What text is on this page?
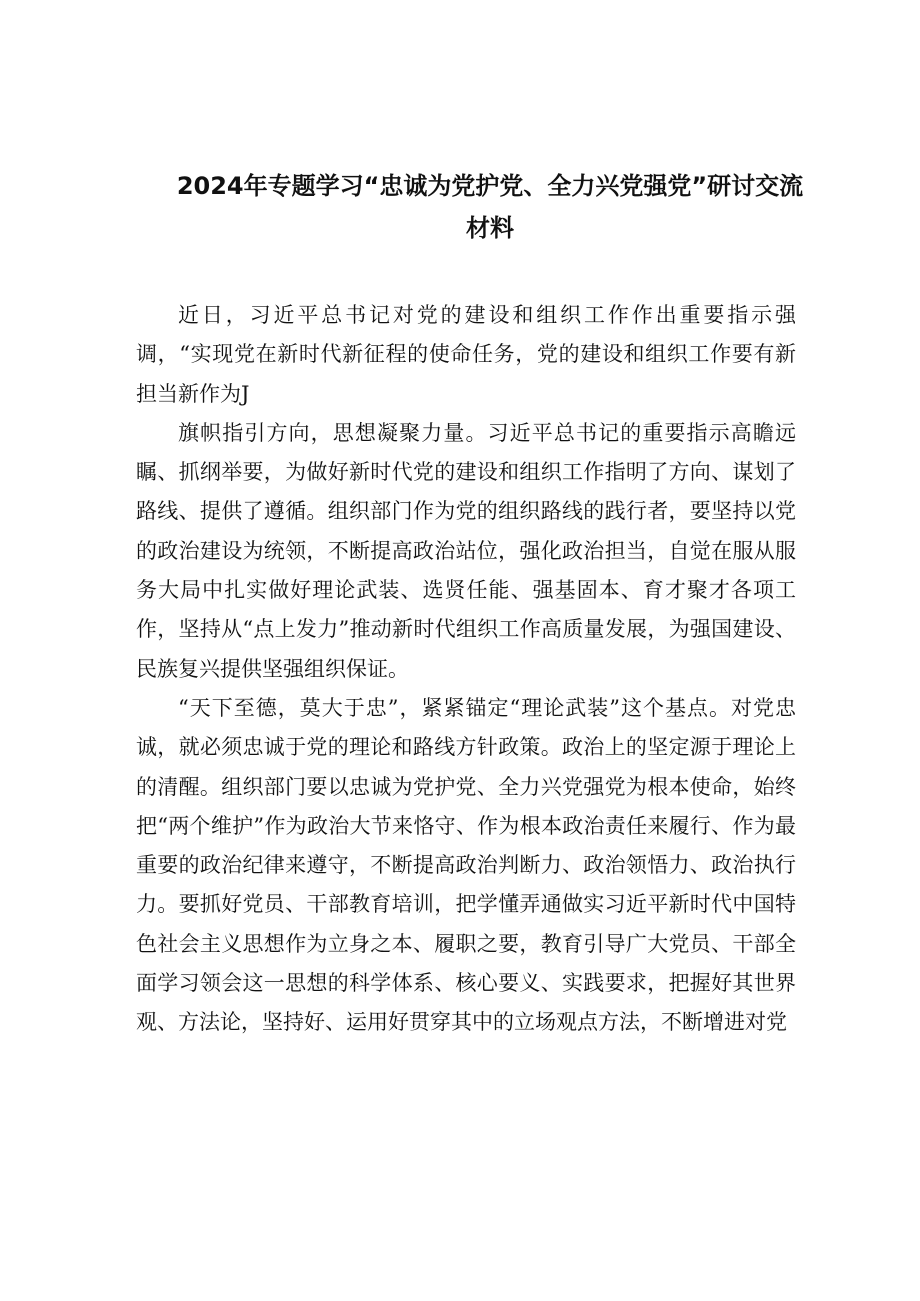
2024年专题学习“忠诚为党护党、全力兴党强党”研讨交流
材料

近日，习近平总书记对党的建设和组织工作作出重要指示强调，“实现党在新时代新征程的使命任务，党的建设和组织工作要有新担当新作为J

旗帜指引方向，思想凝聚力量。习近平总书记的重要指示高瞻远瞩、抓纲举要，为做好新时代党的建设和组织工作指明了方向、谋划了路线、提供了遵循。组织部门作为党的组织路线的践行者，要坚持以党的政治建设为统领，不断提高政治站位，强化政治担当，自觉在服从服务大局中扎实做好理论武装、选贤任能、强基固本、育才聚才各项工作，坚持从“点上发力”推动新时代组织工作高质量发展，为强国建设、民族复兴提供坚强组织保证。

“天下至德，莫大于忠”，紧紧锚定“理论武装”这个基点。对党忠诚，就必须忠诚于党的理论和路线方针政策。政治上的坚定源于理论上的清醒。组织部门要以忠诚为党护党、全力兴党强党为根本使命，始终把“两个维护”作为政治大节来恪守、作为根本政治责任来履行、作为最重要的政治纪律来遵守，不断提高政治判断力、政治领悟力、政治执行力。要抓好党员、干部教育培训，把学懂弄通做实习近平新时代中国特色社会主义思想作为立身之本、履职之要，教育引导广大党员、干部全面学习领会这一思想的科学体系、核心要义、实践要求，把握好其世界观、方法论，坚持好、运用好贯穿其中的立场观点方法，不断增进对党
